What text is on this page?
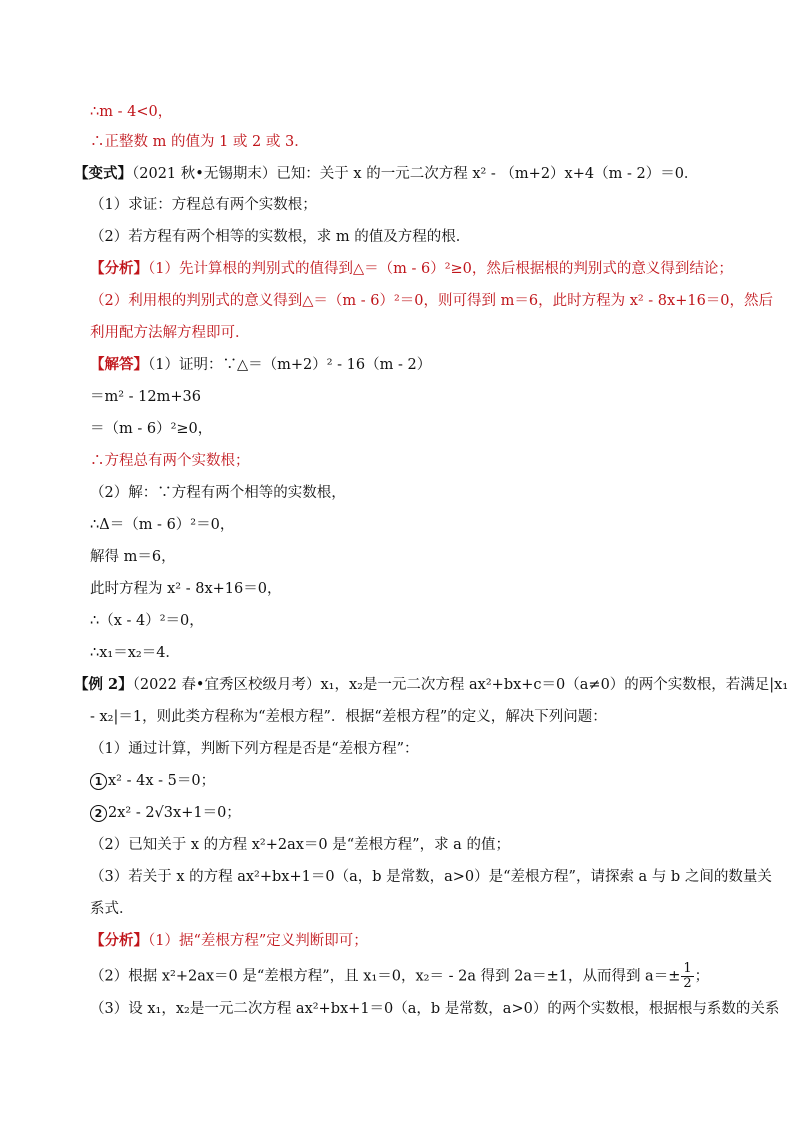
∴m - 4<0，
∴正整数 m 的值为 1 或 2 或 3．
【变式】（2021 秋•无锡期末）已知：关于 x 的一元二次方程 x² - （m+2）x+4（m - 2）＝0．
（1）求证：方程总有两个实数根；
（2）若方程有两个相等的实数根，求 m 的值及方程的根．
【分析】（1）先计算根的判别式的值得到△＝（m - 6）²≥0，然后根据根的判别式的意义得到结论；
（2）利用根的判别式的意义得到△＝（m - 6）²＝0，则可得到 m＝6，此时方程为 x² - 8x+16＝0，然后
利用配方法解方程即可．
【解答】（1）证明：∵△＝（m+2）² - 16（m - 2）
＝m² - 12m+36
＝（m - 6）²≥0，
∴方程总有两个实数根；
（2）解：∵方程有两个相等的实数根，
∴Δ＝（m - 6）²＝0，
解得 m＝6，
此时方程为 x² - 8x+16＝0，
∴（x - 4）²＝0，
∴x₁＝x₂＝4．
【例 2】（2022 春•宜秀区校级月考）x₁，x₂是一元二次方程 ax²+bx+c＝0（a≠0）的两个实数根，若满足|x₁
- x₂|＝1，则此类方程称为“差根方程”．根据“差根方程”的定义，解决下列问题：
（1）通过计算，判断下列方程是否是“差根方程”：
1 x² - 4x - 5＝0；
2 2x² - 2√3x+1＝0；
（2）已知关于 x 的方程 x²+2ax＝0 是“差根方程”，求 a 的值；
（3）若关于 x 的方程 ax²+bx+1＝0（a，b 是常数，a>0）是“差根方程”，请探索 a 与 b 之间的数量关
系式．
【分析】（1）据“差根方程”定义判断即可；
（2）根据 x²+2ax＝0 是“差根方程”，且 x₁＝0，x₂＝ - 2a 得到 2a＝±1，从而得到 $a=\pm \frac{1}{2}$ ；
（3）设 x₁，x₂是一元二次方程 ax²+bx+1＝0（a，b 是常数，a>0）的两个实数根，根据根与系数的关系
